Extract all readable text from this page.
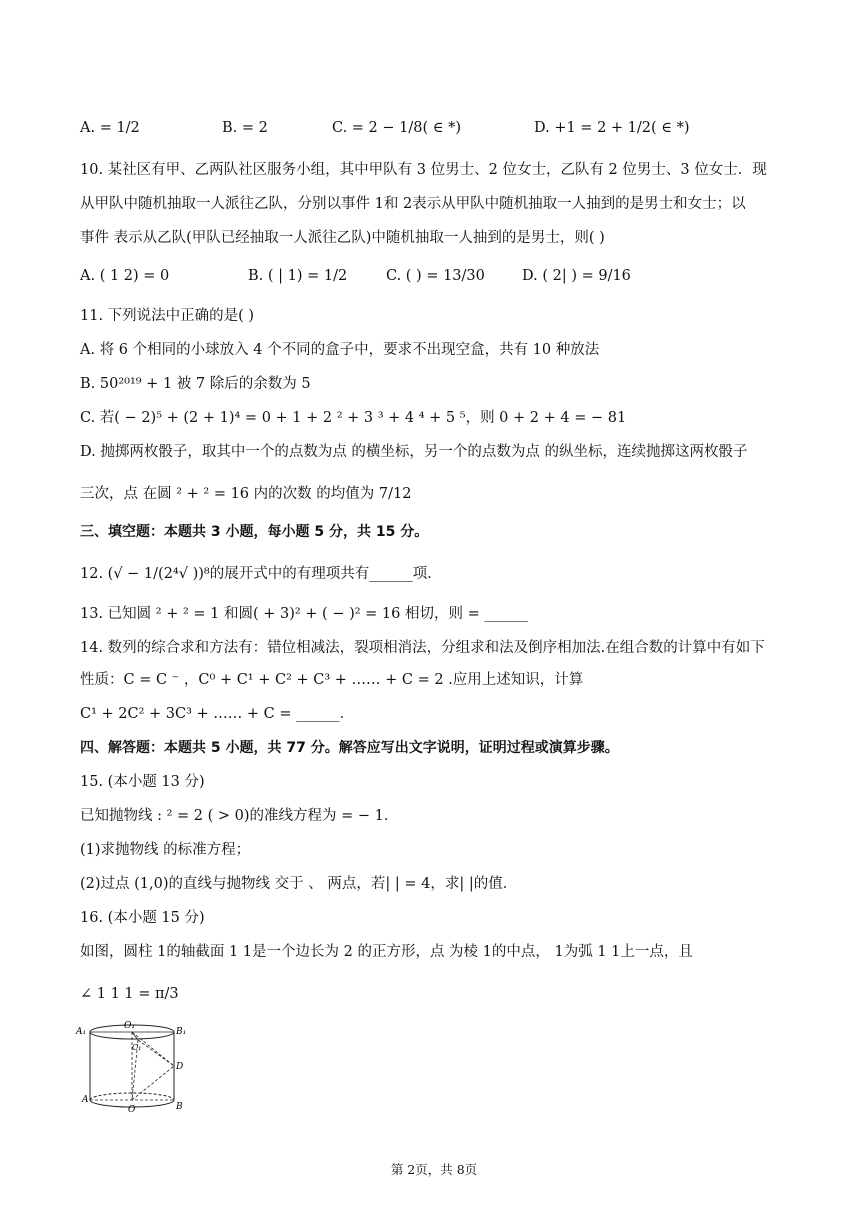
A. = 1/2	B. = 2	C. = 2 − 1/8( ∈ *)	D. +1 = 2 + 1/2( ∈ *)
10. 某社区有甲、乙两队社区服务小组，其中甲队有 3 位男士、2 位女士，乙队有 2 位男士、3 位女士．现
从甲队中随机抽取一人派往乙队，分别以事件 1和 2表示从甲队中随机抽取一人抽到的是男士和女士；以
事件 表示从乙队(甲队已经抽取一人派往乙队)中随机抽取一人抽到的是男士，则( )
A. ( 1 2) = 0	B. ( | 1) = 1/2	C. ( ) = 13/30	D. ( 2| ) = 9/16
11. 下列说法中正确的是( )
A. 将 6 个相同的小球放入 4 个不同的盒子中，要求不出现空盒，共有 10 种放法
B. 50²⁰¹⁹ + 1 被 7 除后的余数为 5
C. 若( − 2)⁵ + (2 + 1)⁴ = 0 + 1 + 2 ² + 3 ³ + 4 ⁴ + 5 ⁵，则 0 + 2 + 4 = − 81
D. 抛掷两枚骰子，取其中一个的点数为点 的横坐标，另一个的点数为点 的纵坐标，连续抛掷这两枚骰子
三次，点 在圆 ² + ² = 16 内的次数 的均值为 7/12
三、填空题：本题共 3 小题，每小题 5 分，共 15 分。
12. (√ − 1/(2⁴√ ))⁸的展开式中的有理项共有______项．
13. 已知圆 ² + ² = 1 和圆( + 3)² + ( − )² = 16 相切，则 = ______
14. 数列的综合求和方法有：错位相减法，裂项相消法，分组求和法及倒序相加法.在组合数的计算中有如下
性质：C = C ⁻ ，C⁰ + C¹ + C² + C³ + …… + C = 2 .应用上述知识，计算
C¹ + 2C² + 3C³ + …… + C = ______．
四、解答题：本题共 5 小题，共 77 分。解答应写出文字说明，证明过程或演算步骤。
15. (本小题 13 分)
已知抛物线 : ² = 2 ( > 0)的准线方程为 = − 1．
(1)求抛物线 的标准方程；
(2)过点 (1,0)的直线与抛物线 交于 、 两点，若| | = 4，求| |的值．
16. (本小题 15 分)
如图，圆柱 1的轴截面 1 1是一个边长为 2 的正方形，点 为棱 1的中点， 1为弧 1 1上一点，且
∠ 1 1 1 = π/3
A₁
O₁
B₁
C₁
D
A
O	B
第 2页，共 8页
